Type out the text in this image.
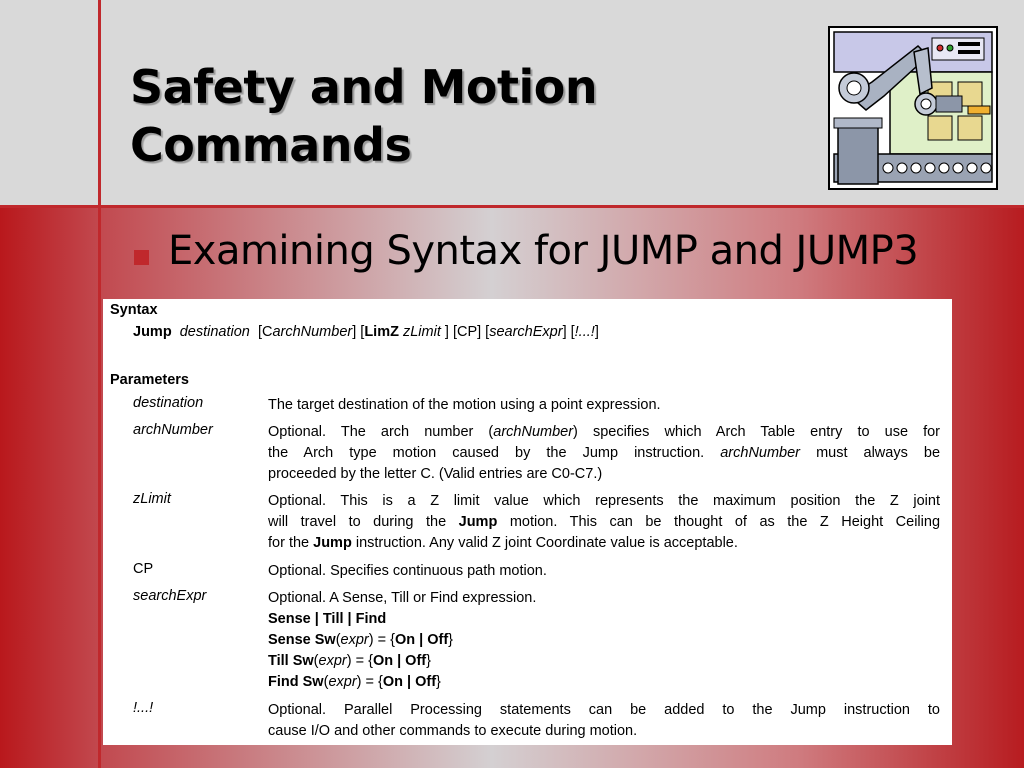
Safety and Motion
Commands
Examining Syntax for JUMP and JUMP3
Syntax
Jump destination [CarchNumber] [LimZ zLimit ] [CP] [searchExpr] [!...!]
Parameters
destination	The target destination of the motion using a point expression.
archNumber	Optional. The arch number (archNumber) specifies which Arch Table entry to use for
the Arch type motion caused by the Jump instruction. archNumber must always be
proceeded by the letter C. (Valid entries are C0-C7.)
zLimit	Optional. This is a Z limit value which represents the maximum position the Z joint
will travel to during the Jump motion. This can be thought of as the Z Height Ceiling
for the Jump instruction. Any valid Z joint Coordinate value is acceptable.
CP	Optional. Specifies continuous path motion.
searchExpr	Optional. A Sense, Till or Find expression.
Sense | Till | Find
Sense Sw(expr) = {On | Off}
Till Sw(expr) = {On | Off}
Find Sw(expr) = {On | Off}
!...!	Optional. Parallel Processing statements can be added to the Jump instruction to
cause I/O and other commands to execute during motion.
